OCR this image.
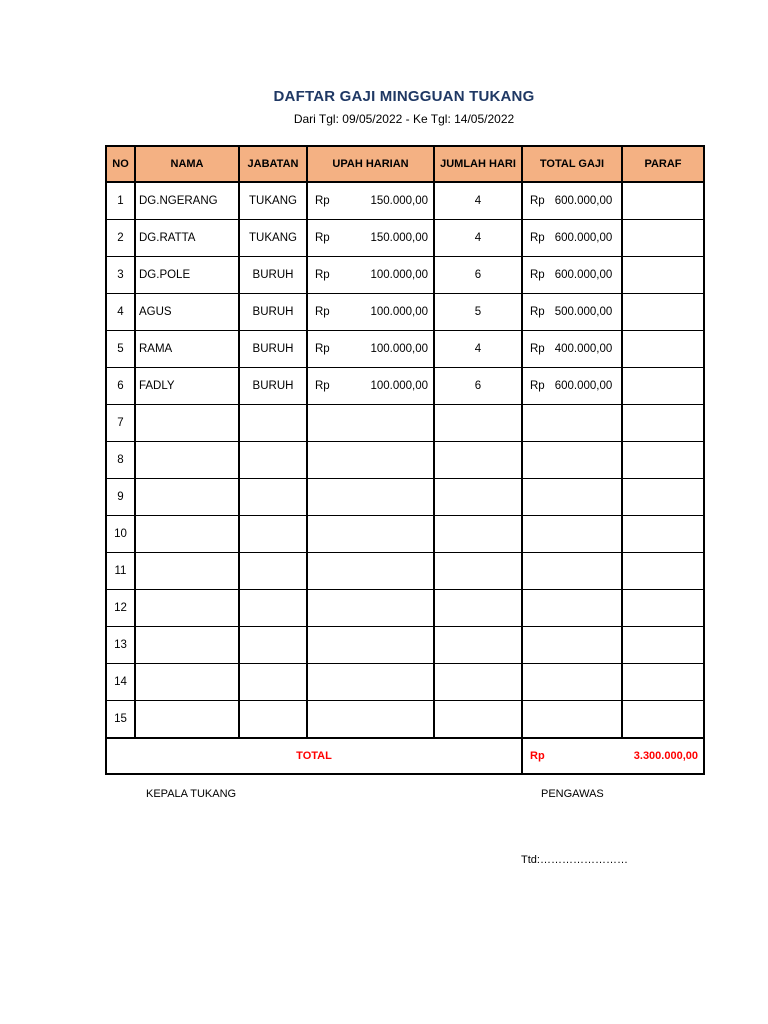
DAFTAR GAJI MINGGUAN TUKANG
Dari Tgl: 09/05/2022 - Ke Tgl: 14/05/2022
NO	NAMA	JABATAN	UPAH HARIAN	JUMLAH HARI	TOTAL GAJI	PARAF
1	DG.NGERANG	TUKANG	Rp 150.000,00	4	Rp 600.000,00	

2	DG.RATTA	TUKANG	Rp 150.000,00	4	Rp 600.000,00	

3	DG.POLE	BURUH	Rp 100.000,00	6	Rp 600.000,00	

4	AGUS	BURUH	Rp 100.000,00	5	Rp 500.000,00	

5	RAMA	BURUH	Rp 100.000,00	4	Rp 400.000,00	

6	FADLY	BURUH	Rp 100.000,00	6	Rp 600.000,00	

7						
8						
9						
10						
11						
12						
13						
14						
15						
TOTAL					Rp 3.300.000,00	
KEPALA TUKANG	PENGAWAS
Ttd:……………………
